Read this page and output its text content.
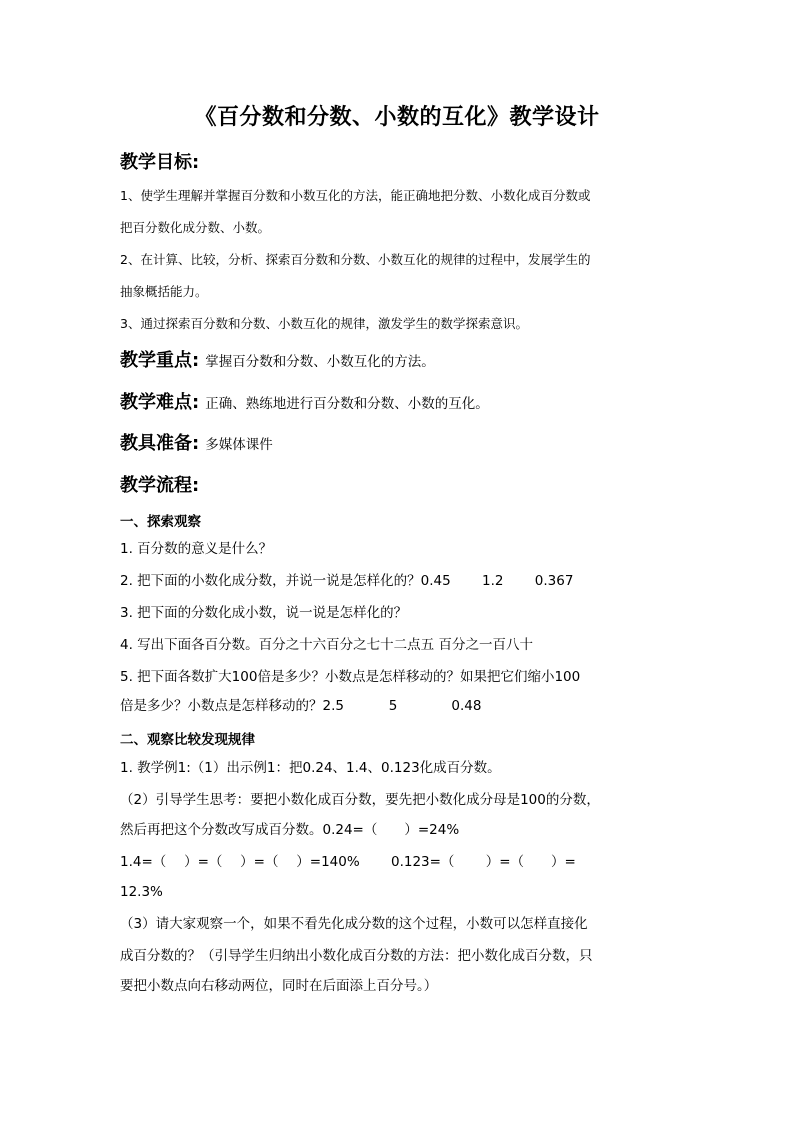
《百分数和分数、小数的互化》教学设计
教学目标:
1、使学生理解并掌握百分数和小数互化的方法，能正确地把分数、小数化成百分数或
把百分数化成分数、小数。
2、在计算、比较，分析、探索百分数和分数、小数互化的规律的过程中，发展学生的
抽象概括能力。
3、通过探索百分数和分数、小数互化的规律，激发学生的数学探索意识。
教学重点: 掌握百分数和分数、小数互化的方法。
教学难点: 正确、熟练地进行百分数和分数、小数的互化。
教具准备: 多媒体课件
教学流程:
一、探索观察
1. 百分数的意义是什么？
2. 把下面的小数化成分数，并说一说是怎样化的？0.45　　 1.2　　 0.367
3. 把下面的分数化成小数，说一说是怎样化的？
4. 写出下面各百分数。百分之十六百分之七十二点五 百分之一百八十
5. 把下面各数扩大100倍是多少？小数点是怎样移动的？如果把它们缩小100
倍是多少？小数点是怎样移动的？2.5　　　 5　　　　0.48
二、观察比较发现规律
1. 教学例1:（1）出示例1：把0.24、1.4、0.123化成百分数。
（2）引导学生思考：要把小数化成百分数，要先把小数化成分母是100的分数，
然后再把这个分数改写成百分数。0.24=（　　）=24%
1.4=（　 ）=（　 ）=（　 ）=140%　　 0.123=（　　 ）=（　　）=
12.3%
（3）请大家观察一个，如果不看先化成分数的这个过程，小数可以怎样直接化
成百分数的？（引导学生归纳出小数化成百分数的方法：把小数化成百分数，只
要把小数点向右移动两位，同时在后面添上百分号。）
